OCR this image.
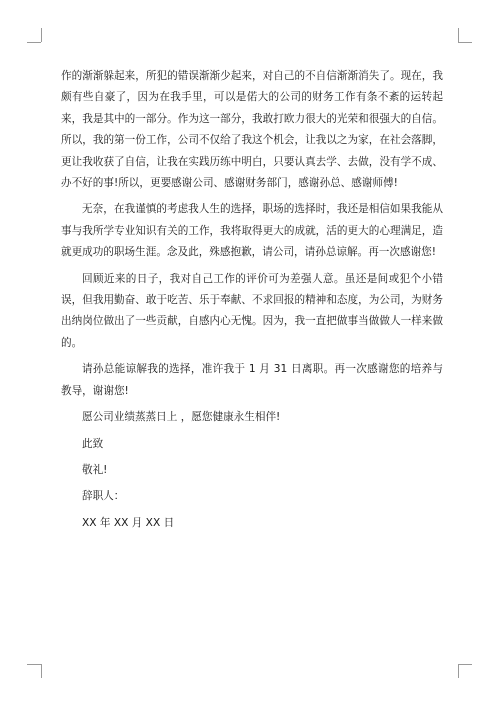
作的渐渐躲起来，所犯的错误渐渐少起来，对自己的不自信渐渐消失了。现在，我颇有些自豪了，因为在我手里，可以是偌大的公司的财务工作有条不紊的运转起来，我是其中的一部分。作为这一部分，我敢打欧力很大的光荣和很强大的自信。所以，我的第一份工作，公司不仅给了我这个机会，让我以之为家，在社会落脚，更让我收获了自信，让我在实践历练中明白，只要认真去学、去做，没有学不成、办不好的事!所以，更要感谢公司、感谢财务部门，感谢孙总、感谢师傅!

无奈，在我谨慎的考虑我人生的选择，职场的选择时，我还是相信如果我能从事与我所学专业知识有关的工作，我将取得更大的成就，活的更大的心理满足，造就更成功的职场生涯。念及此，殊感抱歉，请公司，请孙总谅解。再一次感谢您!

回顾近来的日子，我对自己工作的评价可为差强人意。虽还是间或犯个小错误，但我用勤奋、敢于吃苦、乐于奉献、不求回报的精神和态度，为公司，为财务出纳岗位做出了一些贡献，自感内心无愧。因为，我一直把做事当做做人一样来做的。

请孙总能谅解我的选择，准许我于 1 月 31 日离职。再一次感谢您的培养与教导，谢谢您!

愿公司业绩蒸蒸日上 ，愿您健康永生相伴!

此致

敬礼!

辞职人：

XX 年 XX 月 XX 日
